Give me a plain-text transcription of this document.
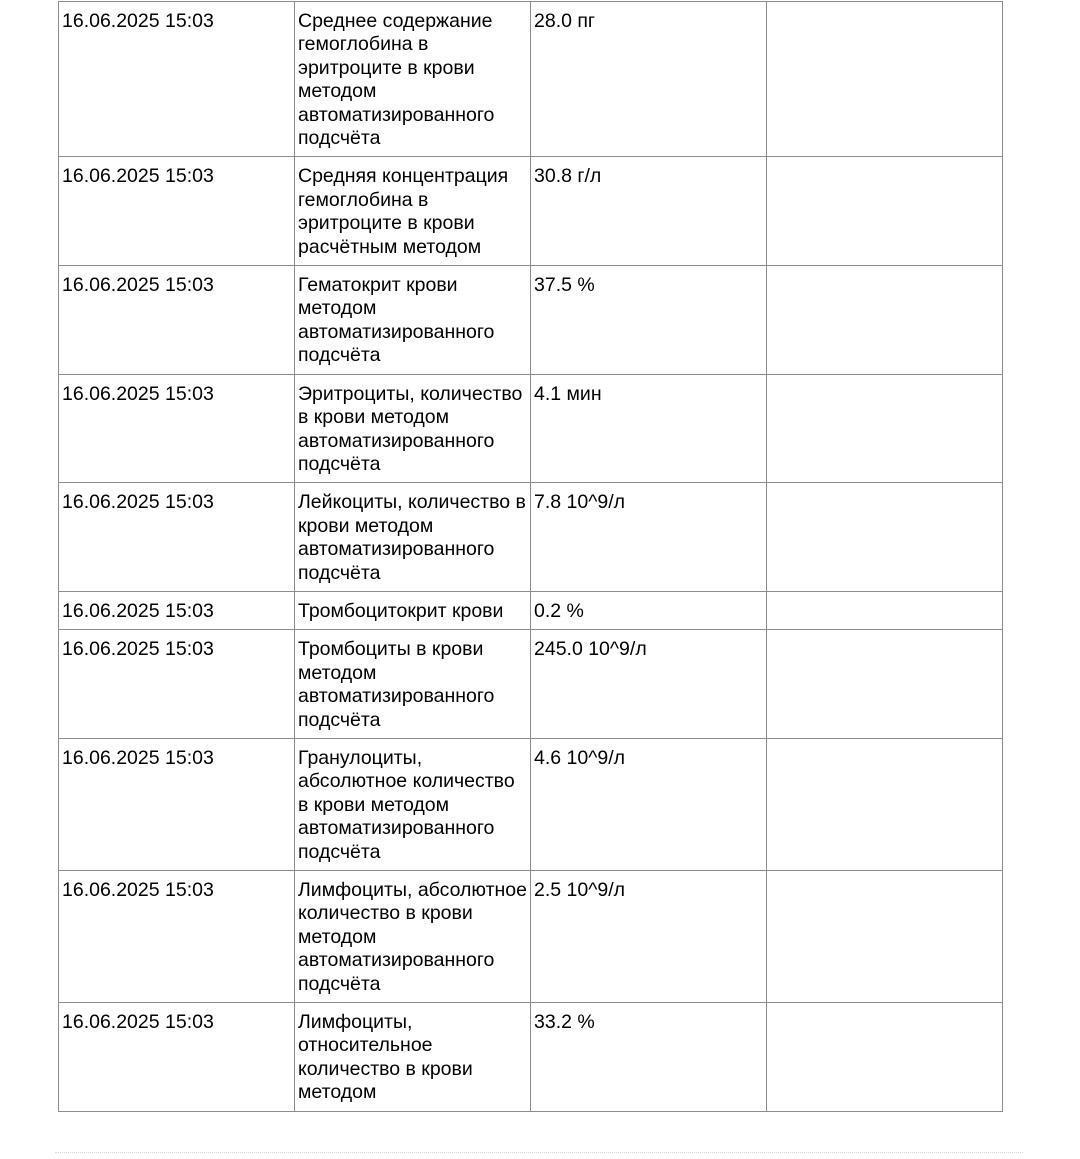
16.06.2025 15:03	Среднее содержание гемоглобина в эритроците в крови методом автоматизированного подсчёта	28.0 пг	
16.06.2025 15:03	Средняя концентрация гемоглобина в эритроците в крови расчётным методом	30.8 г/л	
16.06.2025 15:03	Гематокрит крови методом автоматизированного подсчёта	37.5 %	
16.06.2025 15:03	Эритроциты, количество в крови методом автоматизированного подсчёта	4.1 мин	
16.06.2025 15:03	Лейкоциты, количество в крови методом автоматизированного подсчёта	7.8 10^9/л	
16.06.2025 15:03	Тромбоцитокрит крови	0.2 %	
16.06.2025 15:03	Тромбоциты в крови методом автоматизированного подсчёта	245.0 10^9/л	
16.06.2025 15:03	Гранулоциты, абсолютное количество в крови методом автоматизированного подсчёта	4.6 10^9/л	
16.06.2025 15:03	Лимфоциты, абсолютное количество в крови методом автоматизированного подсчёта	2.5 10^9/л	
16.06.2025 15:03	Лимфоциты, относительное количество в крови методом	33.2 %	
